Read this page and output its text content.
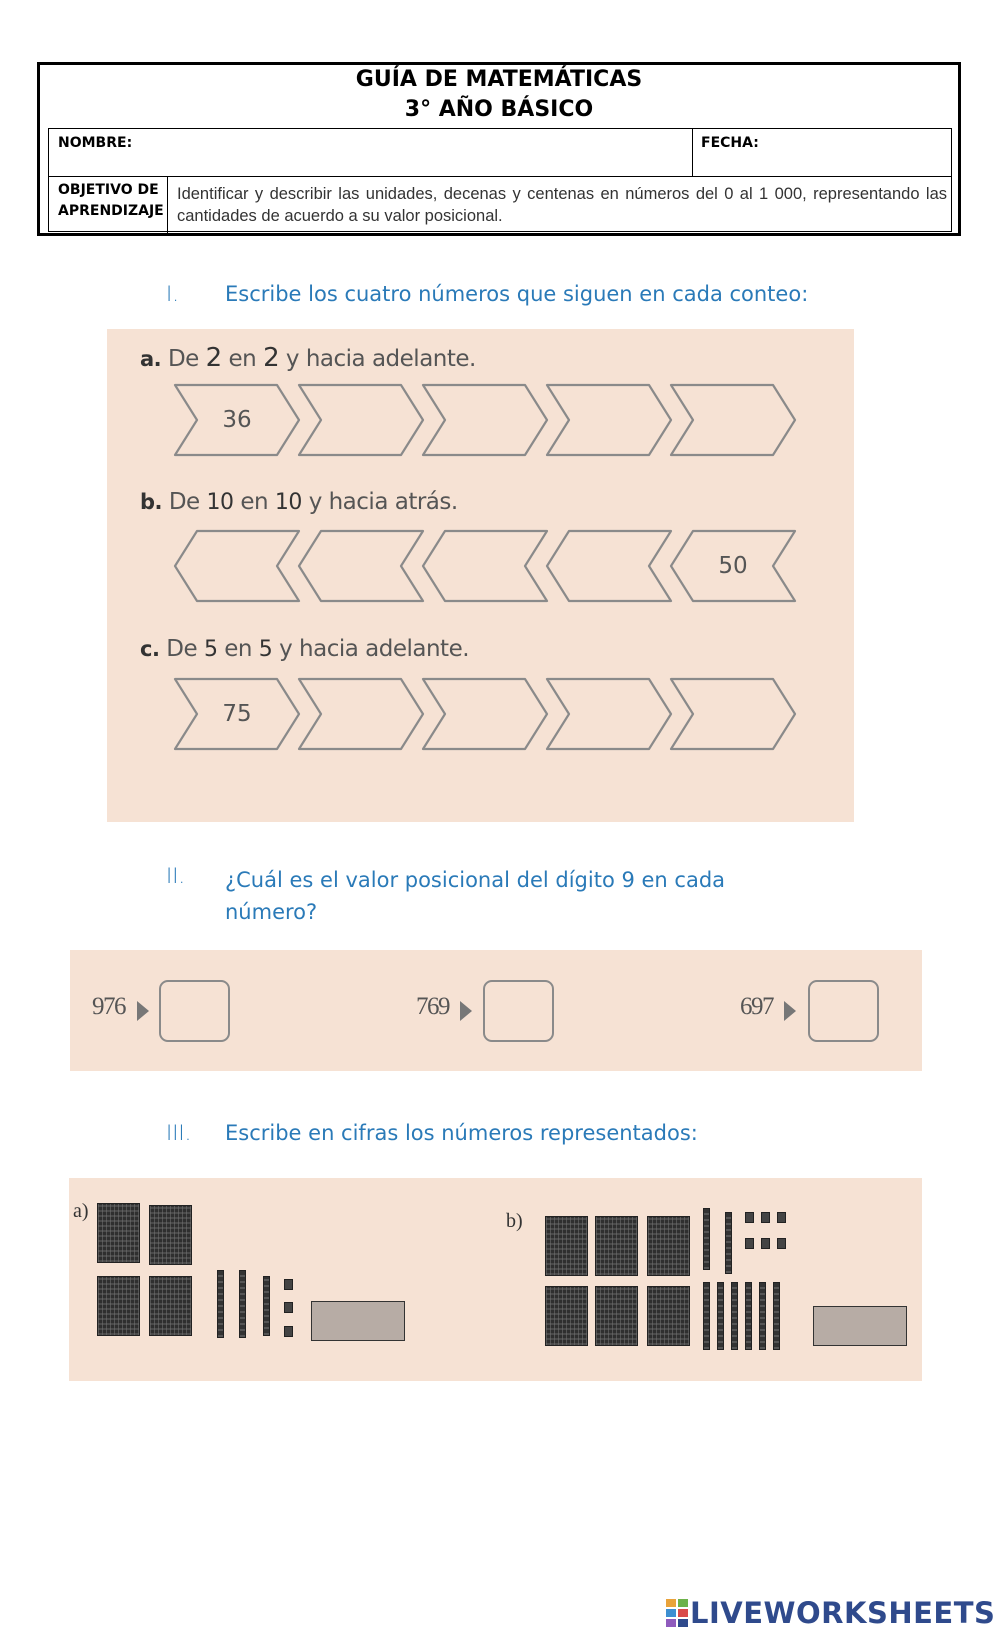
GUÍA DE MATEMÁTICAS
3° AÑO BÁSICO
NOMBRE:	FECHA:
OBJETIVO DE
APRENDIZAJE
Identificar y describir las unidades, decenas y centenas en números del 0 al 1 000, representando las cantidades de acuerdo a su valor posicional.
I. Escribe los cuatro números que siguen en cada conteo:
a. De 2 en 2 y hacia adelante.
36
b. De 10 en 10 y hacia atrás.
50
c. De 5 en 5 y hacia adelante.
75
II. ¿Cuál es el valor posicional del dígito 9 en cada
número?
976	769	697
III. Escribe en cifras los números representados:
a)	b)
LIVEWORKSHEETS
